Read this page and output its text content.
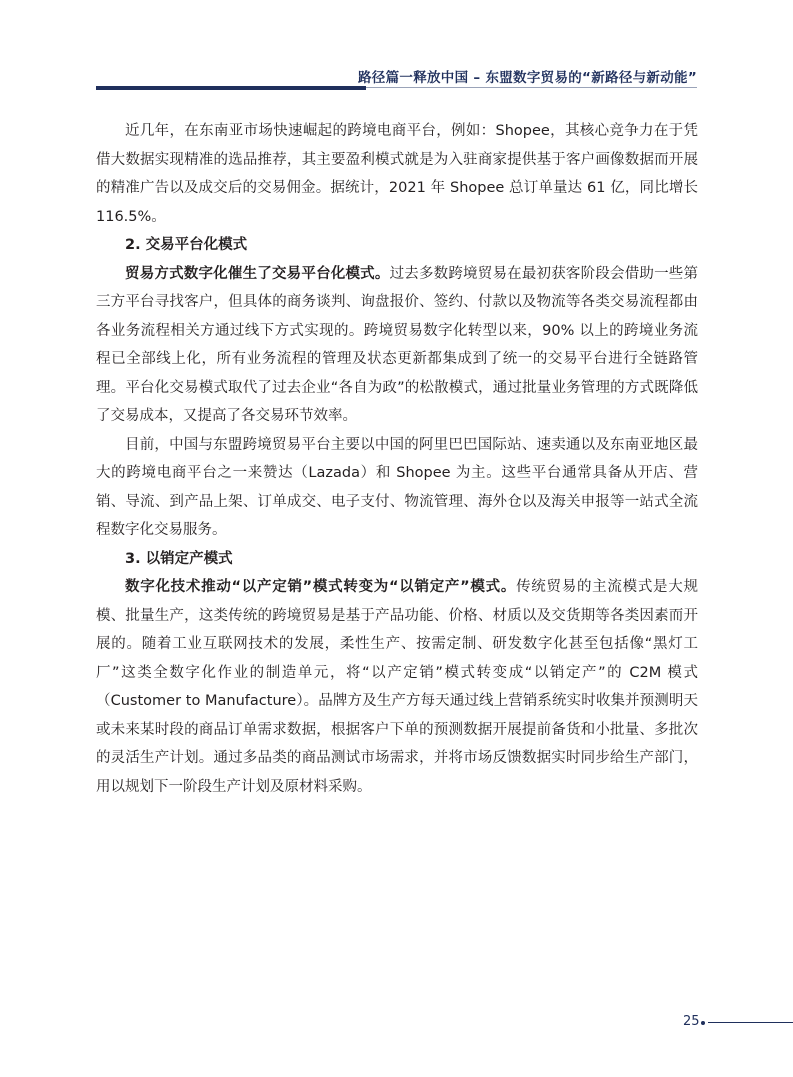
路径篇一释放中国 – 东盟数字贸易的“新路径与新动能”

近几年，在东南亚市场快速崛起的跨境电商平台，例如：Shopee，其核心竞争力在于凭借大数据实现精准的选品推荐，其主要盈利模式就是为入驻商家提供基于客户画像数据而开展的精准广告以及成交后的交易佣金。据统计，2021 年 Shopee 总订单量达 61 亿，同比增长 116.5%。

2. 交易平台化模式

贸易方式数字化催生了交易平台化模式。过去多数跨境贸易在最初获客阶段会借助一些第三方平台寻找客户，但具体的商务谈判、询盘报价、签约、付款以及物流等各类交易流程都由各业务流程相关方通过线下方式实现的。跨境贸易数字化转型以来，90% 以上的跨境业务流程已全部线上化，所有业务流程的管理及状态更新都集成到了统一的交易平台进行全链路管理。平台化交易模式取代了过去企业“各自为政”的松散模式，通过批量业务管理的方式既降低了交易成本，又提高了各交易环节效率。

目前，中国与东盟跨境贸易平台主要以中国的阿里巴巴国际站、速卖通以及东南亚地区最大的跨境电商平台之一来赞达（Lazada）和 Shopee 为主。这些平台通常具备从开店、营销、导流、到产品上架、订单成交、电子支付、物流管理、海外仓以及海关申报等一站式全流程数字化交易服务。

3. 以销定产模式

数字化技术推动“以产定销”模式转变为“以销定产”模式。传统贸易的主流模式是大规模、批量生产，这类传统的跨境贸易是基于产品功能、价格、材质以及交货期等各类因素而开展的。随着工业互联网技术的发展，柔性生产、按需定制、研发数字化甚至包括像“黑灯工厂”这类全数字化作业的制造单元，将“以产定销”模式转变成“以销定产”的 C2M 模式（Customer to Manufacture）。品牌方及生产方每天通过线上营销系统实时收集并预测明天或未来某时段的商品订单需求数据，根据客户下单的预测数据开展提前备货和小批量、多批次的灵活生产计划。通过多品类的商品测试市场需求，并将市场反馈数据实时同步给生产部门，用以规划下一阶段生产计划及原材料采购。

25
